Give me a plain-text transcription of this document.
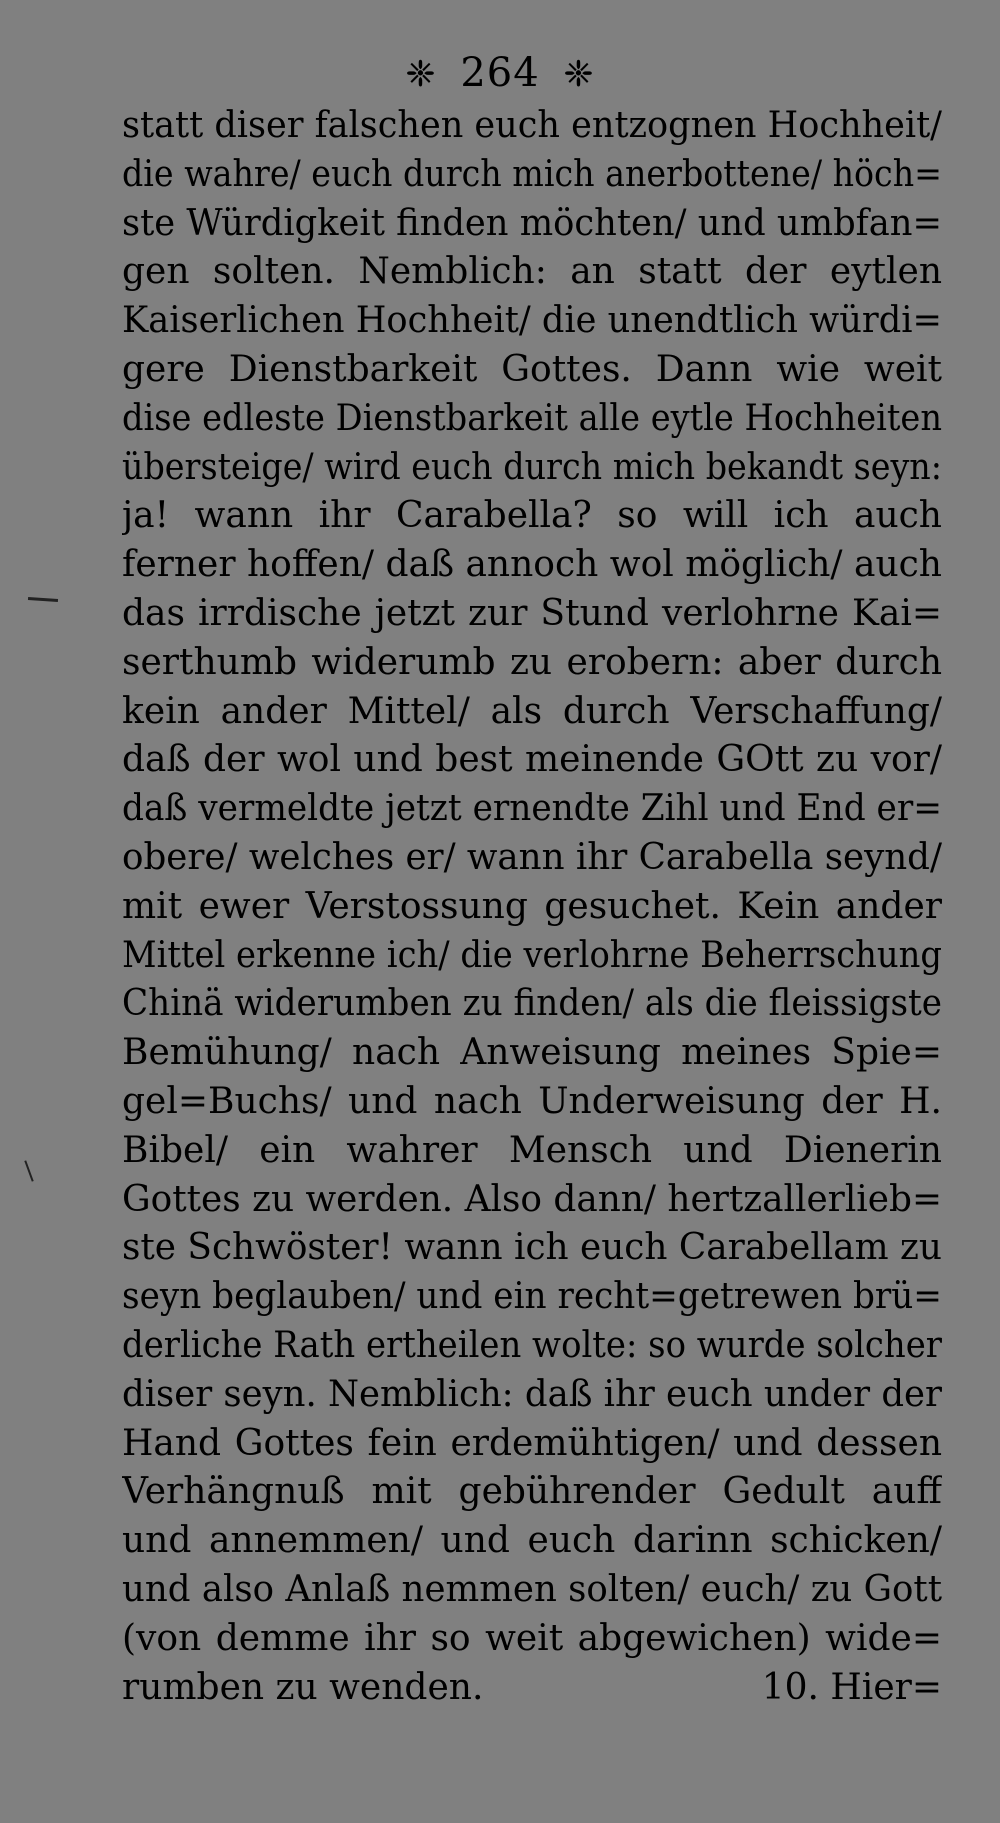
❈ 264 ❈
statt diser falschen euch entzognen Hochheit/
die wahre/ euch durch mich anerbottene/ höch=
ste Würdigkeit finden möchten/ und umbfan=
gen solten. Nemblich: an statt der eytlen
Kaiserlichen Hochheit/ die unendtlich würdi=
gere Dienstbarkeit Gottes. Dann wie weit
dise edleste Dienstbarkeit alle eytle Hochheiten
übersteige/ wird euch durch mich bekandt seyn:
ja! wann ihr Carabella? so will ich auch
ferner hoffen/ daß annoch wol möglich/ auch
das irrdische jetzt zur Stund verlohrne Kai=
serthumb widerumb zu erobern: aber durch
kein ander Mittel/ als durch Verschaffung/
daß der wol und best meinende GOtt zu vor/
daß vermeldte jetzt ernendte Zihl und End er=
obere/ welches er/ wann ihr Carabella seynd/
mit ewer Verstossung gesuchet. Kein ander
Mittel erkenne ich/ die verlohrne Beherrschung
Chinä widerumben zu finden/ als die fleissigste
Bemühung/ nach Anweisung meines Spie=
gel=Buchs/ und nach Underweisung der H.
Bibel/ ein wahrer Mensch und Dienerin
Gottes zu werden. Also dann/ hertzallerlieb=
ste Schwöster! wann ich euch Carabellam zu
seyn beglauben/ und ein recht=getrewen brü=
derliche Rath ertheilen wolte: so wurde solcher
diser seyn. Nemblich: daß ihr euch under der
Hand Gottes fein erdemühtigen/ und dessen
Verhängnuß mit gebührender Gedult auff
und annemmen/ und euch darinn schicken/
und also Anlaß nemmen solten/ euch/ zu Gott
(von demme ihr so weit abgewichen) wide=
rumben zu wenden.	10. Hier=
